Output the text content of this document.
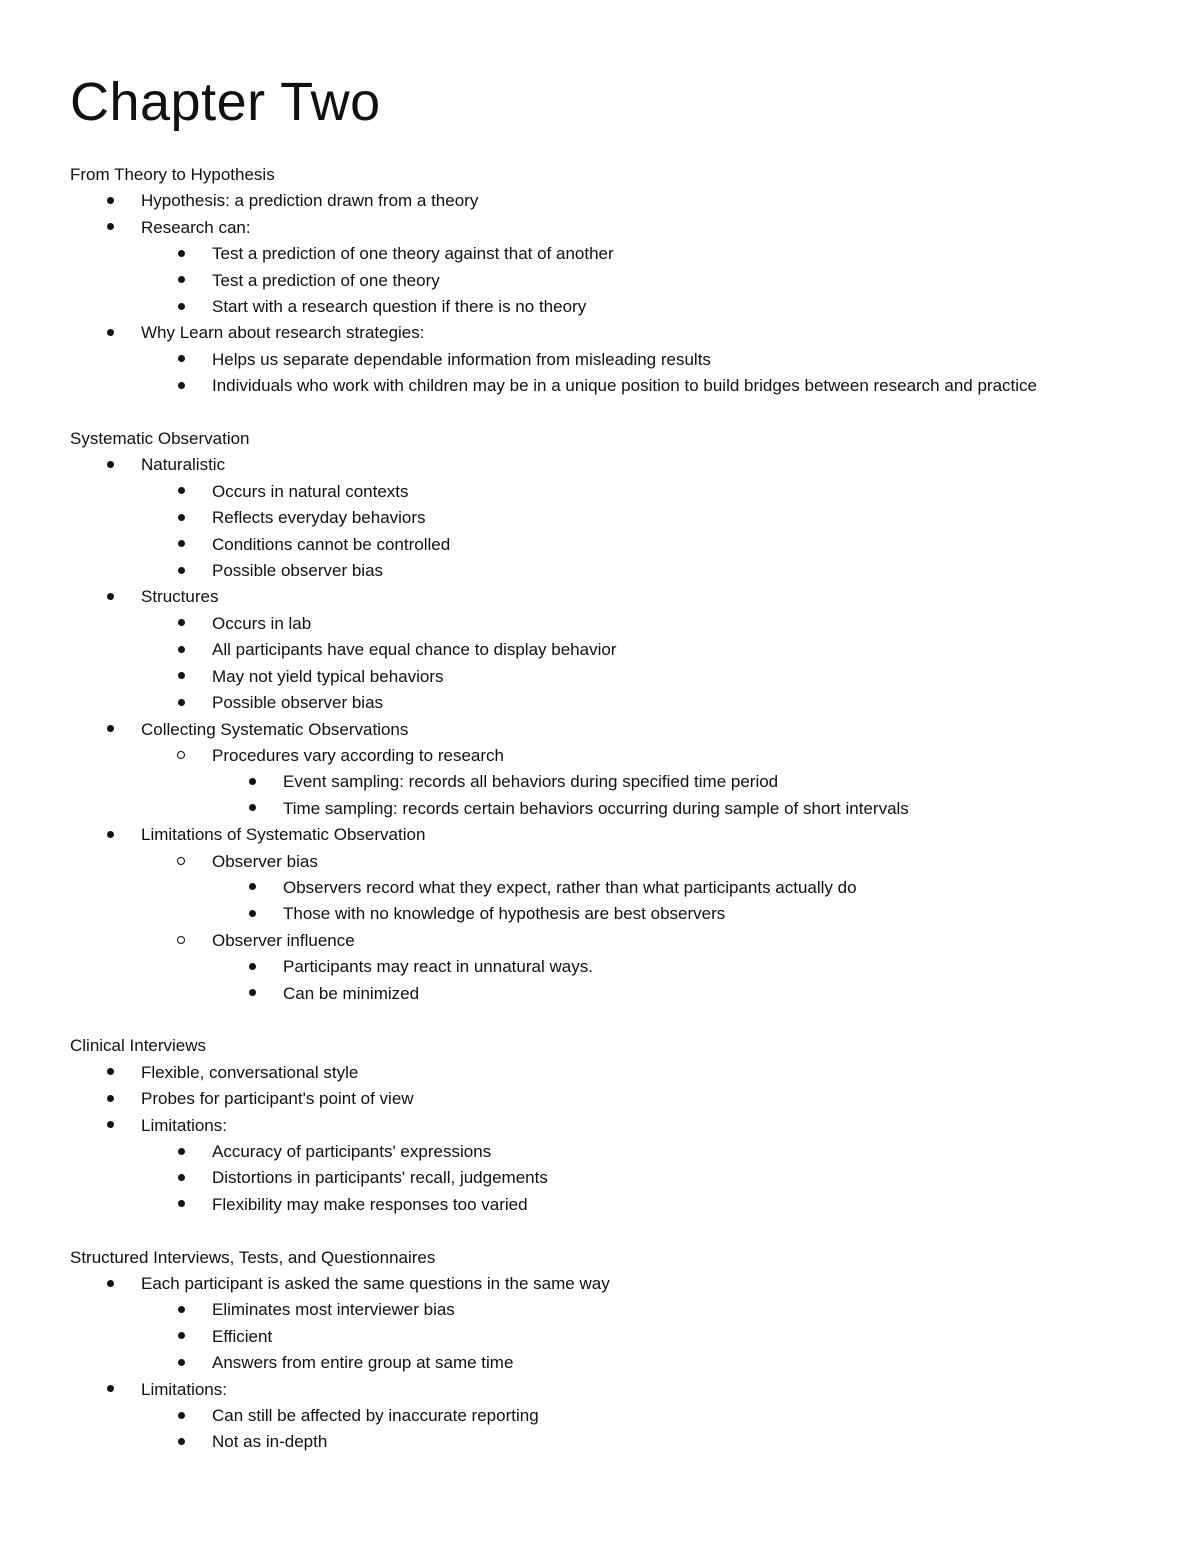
Chapter Two

From Theory to Hypothesis

Hypothesis: a prediction drawn from a theory
Research can:
Test a prediction of one theory against that of another
Test a prediction of one theory
Start with a research question if there is no theory
Why Learn about research strategies:
Helps us separate dependable information from misleading results
Individuals who work with children may be in a unique position to build bridges between research and practice

Systematic Observation

Naturalistic
Occurs in natural contexts
Reflects everyday behaviors
Conditions cannot be controlled
Possible observer bias
Structures
Occurs in lab
All participants have equal chance to display behavior
May not yield typical behaviors
Possible observer bias
Collecting Systematic Observations
Procedures vary according to research
Event sampling: records all behaviors during specified time period
Time sampling: records certain behaviors occurring during sample of short intervals
Limitations of Systematic Observation
Observer bias
Observers record what they expect, rather than what participants actually do
Those with no knowledge of hypothesis are best observers
Observer influence
Participants may react in unnatural ways.
Can be minimized

Clinical Interviews

Flexible, conversational style
Probes for participant's point of view
Limitations:
Accuracy of participants' expressions
Distortions in participants' recall, judgements
Flexibility may make responses too varied

Structured Interviews, Tests, and Questionnaires

Each participant is asked the same questions in the same way
Eliminates most interviewer bias
Efficient
Answers from entire group at same time
Limitations:
Can still be affected by inaccurate reporting
Not as in-depth
